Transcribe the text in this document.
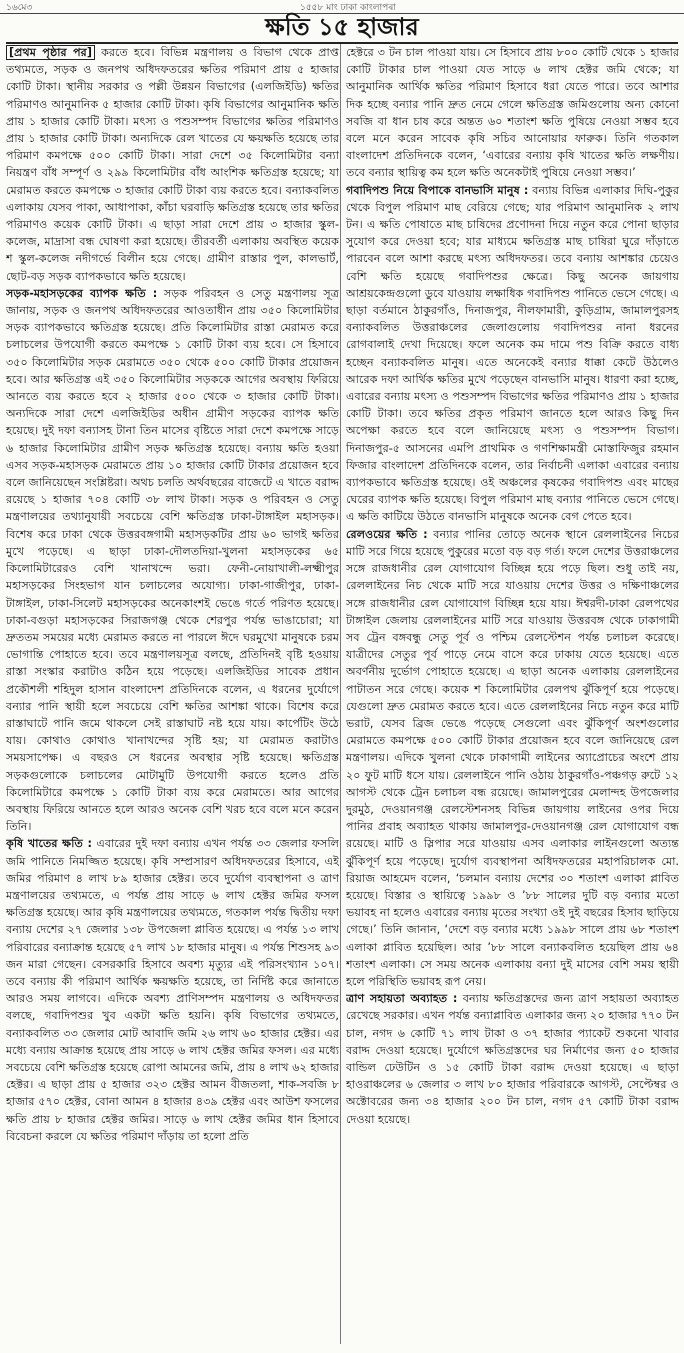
১৬মে৩	১৫৫৮ মাং ঢাকা কাংলাপৰা
ক্ষতি ১৫ হাজার

[প্রথম পৃষ্ঠার পর] করতে হবে। বিভিন্ন মন্ত্রণালয় ও বিভাগ থেকে প্রাপ্ত তথ্যমতে, সড়ক ও জনপথ অধিদফতরের ক্ষতির পরিমাণ প্রায় ৫ হাজার কোটি টাকা। স্থানীয় সরকার ও পল্লী উন্নয়ন বিভাগের (এলজিইডি) ক্ষতির পরিমাণও আনুমানিক ৫ হাজার কোটি টাকা। কৃষি বিভাগের আনুমানিক ক্ষতি প্রায় ১ হাজার কোটি টাকা। মৎস্য ও পশুসম্পদ বিভাগের ক্ষতির পরিমাণও প্রায় ১ হাজার কোটি টাকা। অন্যদিকে রেল খাতের যে ক্ষয়ক্ষতি হয়েছে তার পরিমাণ কমপক্ষে ৫০০ কোটি টাকা। সারা দেশে ৩৫ কিলোমিটার বন্যা নিয়ন্ত্রণ বাঁধ সম্পূর্ণ ও ২৯৯ কিলোমিটার বাঁধ আংশিক ক্ষতিগ্রস্ত হয়েছে; যা মেরামত করতে কমপক্ষে ৩ হাজার কোটি টাকা ব্যয় করতে হবে। বন্যাকবলিত এলাকায় যেসব পাকা, আধাপাকা, কাঁচা ঘরবাড়ি ক্ষতিগ্রস্ত হয়েছে তার ক্ষতির পরিমাণও কয়েক কোটি টাকা। এ ছাড়া সারা দেশে প্রায় ৩ হাজার স্কুল-কলেজ, মাদ্রাসা বন্ধ ঘোষণা করা হয়েছে। তীরবর্তী এলাকায় অবস্থিত কয়েক শ স্কুল-কলেজ নদীগর্ভে বিলীন হয়ে গেছে। গ্রামীণ রাস্তার পুল, কালভার্ট, ছোট-বড় সড়ক ব্যাপকভাবে ক্ষতি হয়েছে।

সড়ক-মহাসড়কের ব্যাপক ক্ষতি : সড়ক পরিবহন ও সেতু মন্ত্রণালয় সূত্র জানায়, সড়ক ও জনপথ অধিদফতরের আওতাধীন প্রায় ৩৫০ কিলোমিটার সড়ক ব্যাপকভাবে ক্ষতিগ্রস্ত হয়েছে। প্রতি কিলোমিটার রাস্তা মেরামত করে চলাচলের উপযোগী করতে কমপক্ষে ১ কোটি টাকা ব্যয় হবে। সে হিসাবে ৩৫০ কিলোমিটার সড়ক মেরামতে ৩৫০ থেকে ৫০০ কোটি টাকার প্রয়োজন হবে। আর ক্ষতিগ্রস্ত এই ৩৫০ কিলোমিটার সড়ককে আগের অবস্থায় ফিরিয়ে আনতে ব্যয় করতে হবে ২ হাজার ৫০০ থেকে ৩ হাজার কোটি টাকা। অন্যদিকে সারা দেশে এলজিইডির অধীন গ্রামীণ সড়কের ব্যাপক ক্ষতি হয়েছে। দুই দফা বন্যাসহ টানা তিন মাসের বৃষ্টিতে সারা দেশে কমপক্ষে সাড়ে ৬ হাজার কিলোমিটার গ্রামীণ সড়ক ক্ষতিগ্রস্ত হয়েছে। বন্যায় ক্ষতি হওয়া এসব সড়ক-মহাসড়ক মেরামতে প্রায় ১০ হাজার কোটি টাকার প্রয়োজন হবে বলে জানিয়েছেন সংশ্লিষ্টরা। অথচ চলতি অর্থবছরের বাজেটে এ খাতে বরাদ্দ রয়েছে ১ হাজার ৭০৪ কোটি ৩৮ লাখ টাকা। সড়ক ও পরিবহন ও সেতু মন্ত্রণালয়ের তথ্যানুযায়ী সবচেয়ে বেশি ক্ষতিগ্রস্ত ঢাকা-টাঙ্গাইল মহাসড়ক। বিশেষ করে ঢাকা থেকে উত্তরবঙ্গগামী মহাসড়কটির প্রায় ৬০ ভাগই ক্ষতির মুখে পড়েছে। এ ছাড়া ঢাকা-দৌলতদিয়া-খুলনা মহাসড়কের ৬৫ কিলোমিটারেরও বেশি খানাখন্দে ভরা। ফেনী-নোয়াখালী-লক্ষ্মীপুর মহাসড়কের সিংহভাগ যান চলাচলের অযোগ্য। ঢাকা-গাজীপুর, ঢাকা-টাঙ্গাইল, ঢাকা-সিলেট মহাসড়কের অনেকাংশই ভেঙে গর্তে পরিণত হয়েছে। ঢাকা-বগুড়া মহাসড়কের সিরাজগঞ্জ থেকে শেরপুর পর্যন্ত ভাঙাচোরা; যা দ্রুততম সময়ের মধ্যে মেরামত করতে না পারলে ঈদে ঘরমুখো মানুষকে চরম ভোগান্তি পোহাতে হবে। তবে মন্ত্রণালয়সূত্র বলছে, প্রতিদিনই বৃষ্টি হওয়ায় রাস্তা সংস্কার করাটাও কঠিন হয়ে পড়েছে। এলজিইডির সাবেক প্রধান প্রকৌশলী শহিদুল হাসান বাংলাদেশ প্রতিদিনকে বলেন, এ ধরনের দুর্যোগে বন্যার পানি স্থায়ী হলে সবচেয়ে বেশি ক্ষতির আশঙ্কা থাকে। বিশেষ করে রাস্তাঘাটে পানি জমে থাকলে সেই রাস্তাঘাট নষ্ট হয়ে যায়। কার্পেটিং উঠে যায়। কোথাও কোথাও খানাখন্দের সৃষ্টি হয়; যা মেরামত করাটাও সময়সাপেক্ষ। এ বছরও সে ধরনের অবস্থার সৃষ্টি হয়েছে। ক্ষতিগ্রস্ত সড়কগুলোকে চলাচলের মোটামুটি উপযোগী করতে হলেও প্রতি কিলোমিটারে কমপক্ষে ১ কোটি টাকা ব্যয় করে মেরামতে। আর আগের অবস্থায় ফিরিয়ে আনতে হলে আরও অনেক বেশি খরচ হবে বলে মনে করেন তিনি।

কৃষি খাতের ক্ষতি : এবারের দুই দফা বন্যায় এখন পর্যন্ত ৩৩ জেলার ফসলি জমি পানিতে নিমজ্জিত হয়েছে। কৃষি সম্প্রসারণ অধিদফতরের হিসাবে, এই জমির পরিমাণ ৪ লাখ ৮৯ হাজার হেক্টর। তবে দুর্যোগ ব্যবস্থাপনা ও ত্রাণ মন্ত্রণালয়ের তথ্যমতে, এ পর্যন্ত প্রায় সাড়ে ৬ লাখ হেক্টর জমির ফসল ক্ষতিগ্রস্ত হয়েছে। আর কৃষি মন্ত্রণালয়ের তথ্যমতে, গতকাল পর্যন্ত দ্বিতীয় দফা বন্যায় দেশের ২৭ জেলার ১৩৮ উপজেলা প্লাবিত হয়েছে। এ পর্যন্ত ১৩ লাখ পরিবারের বন্যাক্রান্ত হয়েছে ৫৭ লাখ ১৮ হাজার মানুষ। এ পর্যন্ত শিশুসহ ৯৩ জন মারা গেছেন। বেসরকারি হিসাবে অবশ্য মৃত্যুর এই পরিসংখ্যান ১০৭। তবে বন্যায় কী পরিমাণ আর্থিক ক্ষয়ক্ষতি হয়েছে, তা নির্দিষ্ট করে জানাতে আরও সময় লাগবে। এদিকে অবশ্য প্রাণিসম্পদ মন্ত্রণালয় ও অধিদফতর বলছে, গবাদিপশুর খুব একটা ক্ষতি হয়নি। কৃষি বিভাগের তথ্যমতে, বন্যাকবলিত ৩৩ জেলার মোট আবাদি জমি ২৬ লাখ ৬০ হাজার হেক্টর। এর মধ্যে বন্যায় আক্রান্ত হয়েছে প্রায় সাড়ে ৬ লাখ হেক্টর জমির ফসল। এর মধ্যে সবচেয়ে বেশি ক্ষতিগ্রস্ত হয়েছে রোপা আমনের জমি, প্রায় ৪ লাখ ৬২ হাজার হেক্টর। এ ছাড়া প্রায় ৫ হাজার ৩২৩ হেক্টর আমন বীজতলা, শাক-সবজি ৮ হাজার ৫৭০ হেক্টর, বোনা আমন ৪ হাজার ৪৩৯ হেক্টর এবং আউশ ফসলের ক্ষতি প্রায় ৮ হাজার হেক্টর জমির। সাড়ে ৬ লাখ হেক্টর জমির ধান হিসাবে বিবেচনা করলে যে ক্ষতির পরিমাণ দাঁড়ায় তা হলো প্রতি

হেক্টরে ৩ টন চাল পাওয়া যায়। সে হিসাবে প্রায় ৮০০ কোটি থেকে ১ হাজার কোটি টাকার চাল পাওয়া যেত সাড়ে ৬ লাখ হেক্টর জমি থেকে; যা আনুমানিক আর্থিক ক্ষতির পরিমাণ হিসাবে ধরা যেতে পারে। তবে আশার দিক হচ্ছে বন্যার পানি দ্রুত নেমে গেলে ক্ষতিগ্রস্ত জমিগুলোয় অন্য কোনো সবজি বা ধান চাষ করে অন্তত ৬০ শতাংশ ক্ষতি পুষিয়ে নেওয়া সম্ভব হবে বলে মনে করেন সাবেক কৃষি সচিব আনোয়ার ফারুক। তিনি গতকাল বাংলাদেশ প্রতিদিনকে বলেন, ‘এবারের বন্যায় কৃষি খাতের ক্ষতি লক্ষণীয়। তবে বন্যার স্থায়িত্ব কম হলে ক্ষতি অনেকটাই পুষিয়ে নেওয়া সম্ভব।’

গবাদিপশু নিয়ে বিপাকে বানভাসি মানুষ : বন্যায় বিভিন্ন এলাকার দিঘি-পুকুর থেকে বিপুল পরিমাণ মাছ বেরিয়ে গেছে; যার পরিমাণ আনুমানিক ২ লাখ টন। এ ক্ষতি পোষাতে মাছ চাষিদের প্রণোদনা দিয়ে নতুন করে পোনা ছাড়ার সুযোগ করে দেওয়া হবে; যার মাধ্যমে ক্ষতিগ্রস্ত মাছ চাষিরা ঘুরে দাঁড়াতে পারবেন বলে আশা করছে মৎস্য অধিদফতর। তবে বন্যায় আশঙ্কার চেয়েও বেশি ক্ষতি হয়েছে গবাদিপশুর ক্ষেত্রে। কিছু অনেক জায়গায় আশ্রয়কেন্দ্রগুলো ডুবে যাওয়ায় লক্ষাধিক গবাদিপশু পানিতে ভেসে গেছে। এ ছাড়া বর্তমানে ঠাকুরগাঁও, দিনাজপুর, নীলফামারী, কুড়িগ্রাম, জামালপুরসহ বন্যাকবলিত উত্তরাঞ্চলের জেলাগুলোয় গবাদিপশুর নানা ধরনের রোগবালাই দেখা দিয়েছে। ফলে অনেক কম দামে পশু বিক্রি করতে বাধ্য হচ্ছেন বন্যাকবলিত মানুষ। এতে অনেকেই বন্যার ধাক্কা কেটে উঠলেও আরেক দফা আর্থিক ক্ষতির মুখে পড়েছেন বানভাসি মানুষ। ধারণা করা হচ্ছে, এবারের বন্যায় মৎস্য ও পশুসম্পদ বিভাগের ক্ষতির পরিমাণও প্রায় ১ হাজার কোটি টাকা। তবে ক্ষতির প্রকৃত পরিমাণ জানতে হলে আরও কিছু দিন অপেক্ষা করতে হবে বলে জানিয়েছে মৎস্য ও পশুসম্পদ বিভাগ। দিনাজপুর-৫ আসনের এমপি প্রাথমিক ও গণশিক্ষামন্ত্রী মোস্তাফিজুর রহমান ফিজার বাংলাদেশ প্রতিদিনকে বলেন, তার নির্বাচনী এলাকা এবারের বন্যায় ব্যাপকভাবে ক্ষতিগ্রস্ত হয়েছে। ওই অঞ্চলের কৃষকের গবাদিপশু এবং মাছের ঘেরের ব্যাপক ক্ষতি হয়েছে। বিপুল পরিমাণ মাছ বন্যার পানিতে ভেসে গেছে। এ ক্ষতি কাটিয়ে উঠতে বানভাসি মানুষকে অনেক বেগ পেতে হবে।

রেলওয়ের ক্ষতি : বন্যার পানির তোড়ে অনেক স্থানে রেললাইনের নিচের মাটি সরে গিয়ে হয়েছে পুকুরের মতো বড় বড় গর্ত। ফলে দেশের উত্তরাঞ্চলের সঙ্গে রাজধানীর রেল যোগাযোগ বিচ্ছিন্ন হয়ে পড়ে ছিল। শুধু তাই নয়, রেললাইনের নিচ থেকে মাটি সরে যাওয়ায় দেশের উত্তর ও দক্ষিণাঞ্চলের সঙ্গে রাজধানীর রেল যোগাযোগ বিচ্ছিন্ন হয়ে যায়। ঈশ্বরদী-ঢাকা রেলপথের টাঙ্গাইল জেলায় রেললাইনের মাটি সরে যাওয়ায় উত্তরবঙ্গ থেকে ঢাকাগামী সব ট্রেন বঙ্গবন্ধু সেতু পূর্ব ও পশ্চিম রেলস্টেশন পর্যন্ত চলাচল করেছে। যাত্রীদের সেতুর পূর্ব পাড়ে নেমে বাসে করে ঢাকায় যেতে হয়েছে। এতে অবর্ণনীয় দুর্ভোগ পোহাতে হয়েছে। এ ছাড়া অনেক এলাকায় রেললাইনের পাটাতন সরে গেছে। কয়েক শ কিলোমিটার রেলপথ ঝুঁকিপূর্ণ হয়ে পড়েছে। যেগুলো দ্রুত মেরামত করতে হবে। এতে রেললাইনের নিচে নতুন করে মাটি ভরাট, যেসব ব্রিজ ভেঙে পড়েছে সেগুলো এবং ঝুঁকিপূর্ণ অংশগুলোর মেরামতে কমপক্ষে ৫০০ কোটি টাকার প্রয়োজন হবে বলে জানিয়েছে রেল মন্ত্রণালয়। এদিকে খুলনা থেকে ঢাকাগামী লাইনের অ্যাপ্রোচের অংশে প্রায় ২০ ফুট মাটি ধসে যায়। রেললাইনে পানি ওঠায় ঠাকুরগাঁও-পঞ্চগড় রুটে ১২ আগস্ট থেকে ট্রেন চলাচল বন্ধ রয়েছে। জামালপুরের মেলান্দহ উপজেলার দুরমুঠ, দেওয়ানগঞ্জ রেলস্টেশনসহ বিভিন্ন জায়গায় লাইনের ওপর দিয়ে পানির প্রবাহ অব্যাহত থাকায় জামালপুর-দেওয়ানগঞ্জ রেল যোগাযোগ বন্ধ রয়েছে। মাটি ও স্লিপার সরে যাওয়ায় এসব এলাকার লাইনগুলো অত্যন্ত ঝুঁকিপূর্ণ হয়ে পড়েছে। দুর্যোগ ব্যবস্থাপনা অধিদফতরের মহাপরিচালক মো. রিয়াজ আহমেদ বলেন, ‘চলমান বন্যায় দেশের ৩০ শতাংশ এলাকা প্লাবিত হয়েছে। বিস্তার ও স্থায়িত্বে ১৯৯৮ ও ’৮৮ সালের দুটি বড় বন্যার মতো ভয়াবহ না হলেও এবারের বন্যায় মৃতের সংখ্যা ওই দুই বছরের হিসাব ছাড়িয়ে গেছে।’ তিনি জানান, ‘দেশে বড় বন্যার মধ্যে ১৯৯৮ সালে প্রায় ৬৮ শতাংশ এলাকা প্লাবিত হয়েছিল। আর ’৮৮ সালে বন্যাকবলিত হয়েছিল প্রায় ৬৪ শতাংশ এলাকা। সে সময় অনেক এলাকায় বন্যা দুই মাসের বেশি সময় স্থায়ী হলে পরিস্থিতি ভয়াবহ রূপ নেয়।

ত্রাণ সহায়তা অব্যাহত : বন্যায় ক্ষতিগ্রস্তদের জন্য ত্রাণ সহায়তা অব্যাহত রেখেছে সরকার। এখন পর্যন্ত বন্যাপ্লাবিত এলাকার জন্য ২০ হাজার ৭৭০ টন চাল, নগদ ৬ কোটি ৭১ লাখ টাকা ও ৩৭ হাজার প্যাকেট শুকনো খাবার বরাদ্দ দেওয়া হয়েছে। দুর্যোগে ক্ষতিগ্রস্তদের ঘর নির্মাণের জন্য ৫০ হাজার বান্ডিল ঢেউটিন ও ১৫ কোটি টাকা বরাদ্দ দেওয়া হয়েছে। এ ছাড়া হাওরাঞ্চলের ৬ জেলার ৩ লাখ ৮০ হাজার পরিবারকে আগস্ট, সেপ্টেম্বর ও অক্টোবরের জন্য ৩৪ হাজার ২০০ টন চাল, নগদ ৫৭ কোটি টাকা বরাদ্দ দেওয়া হয়েছে।
